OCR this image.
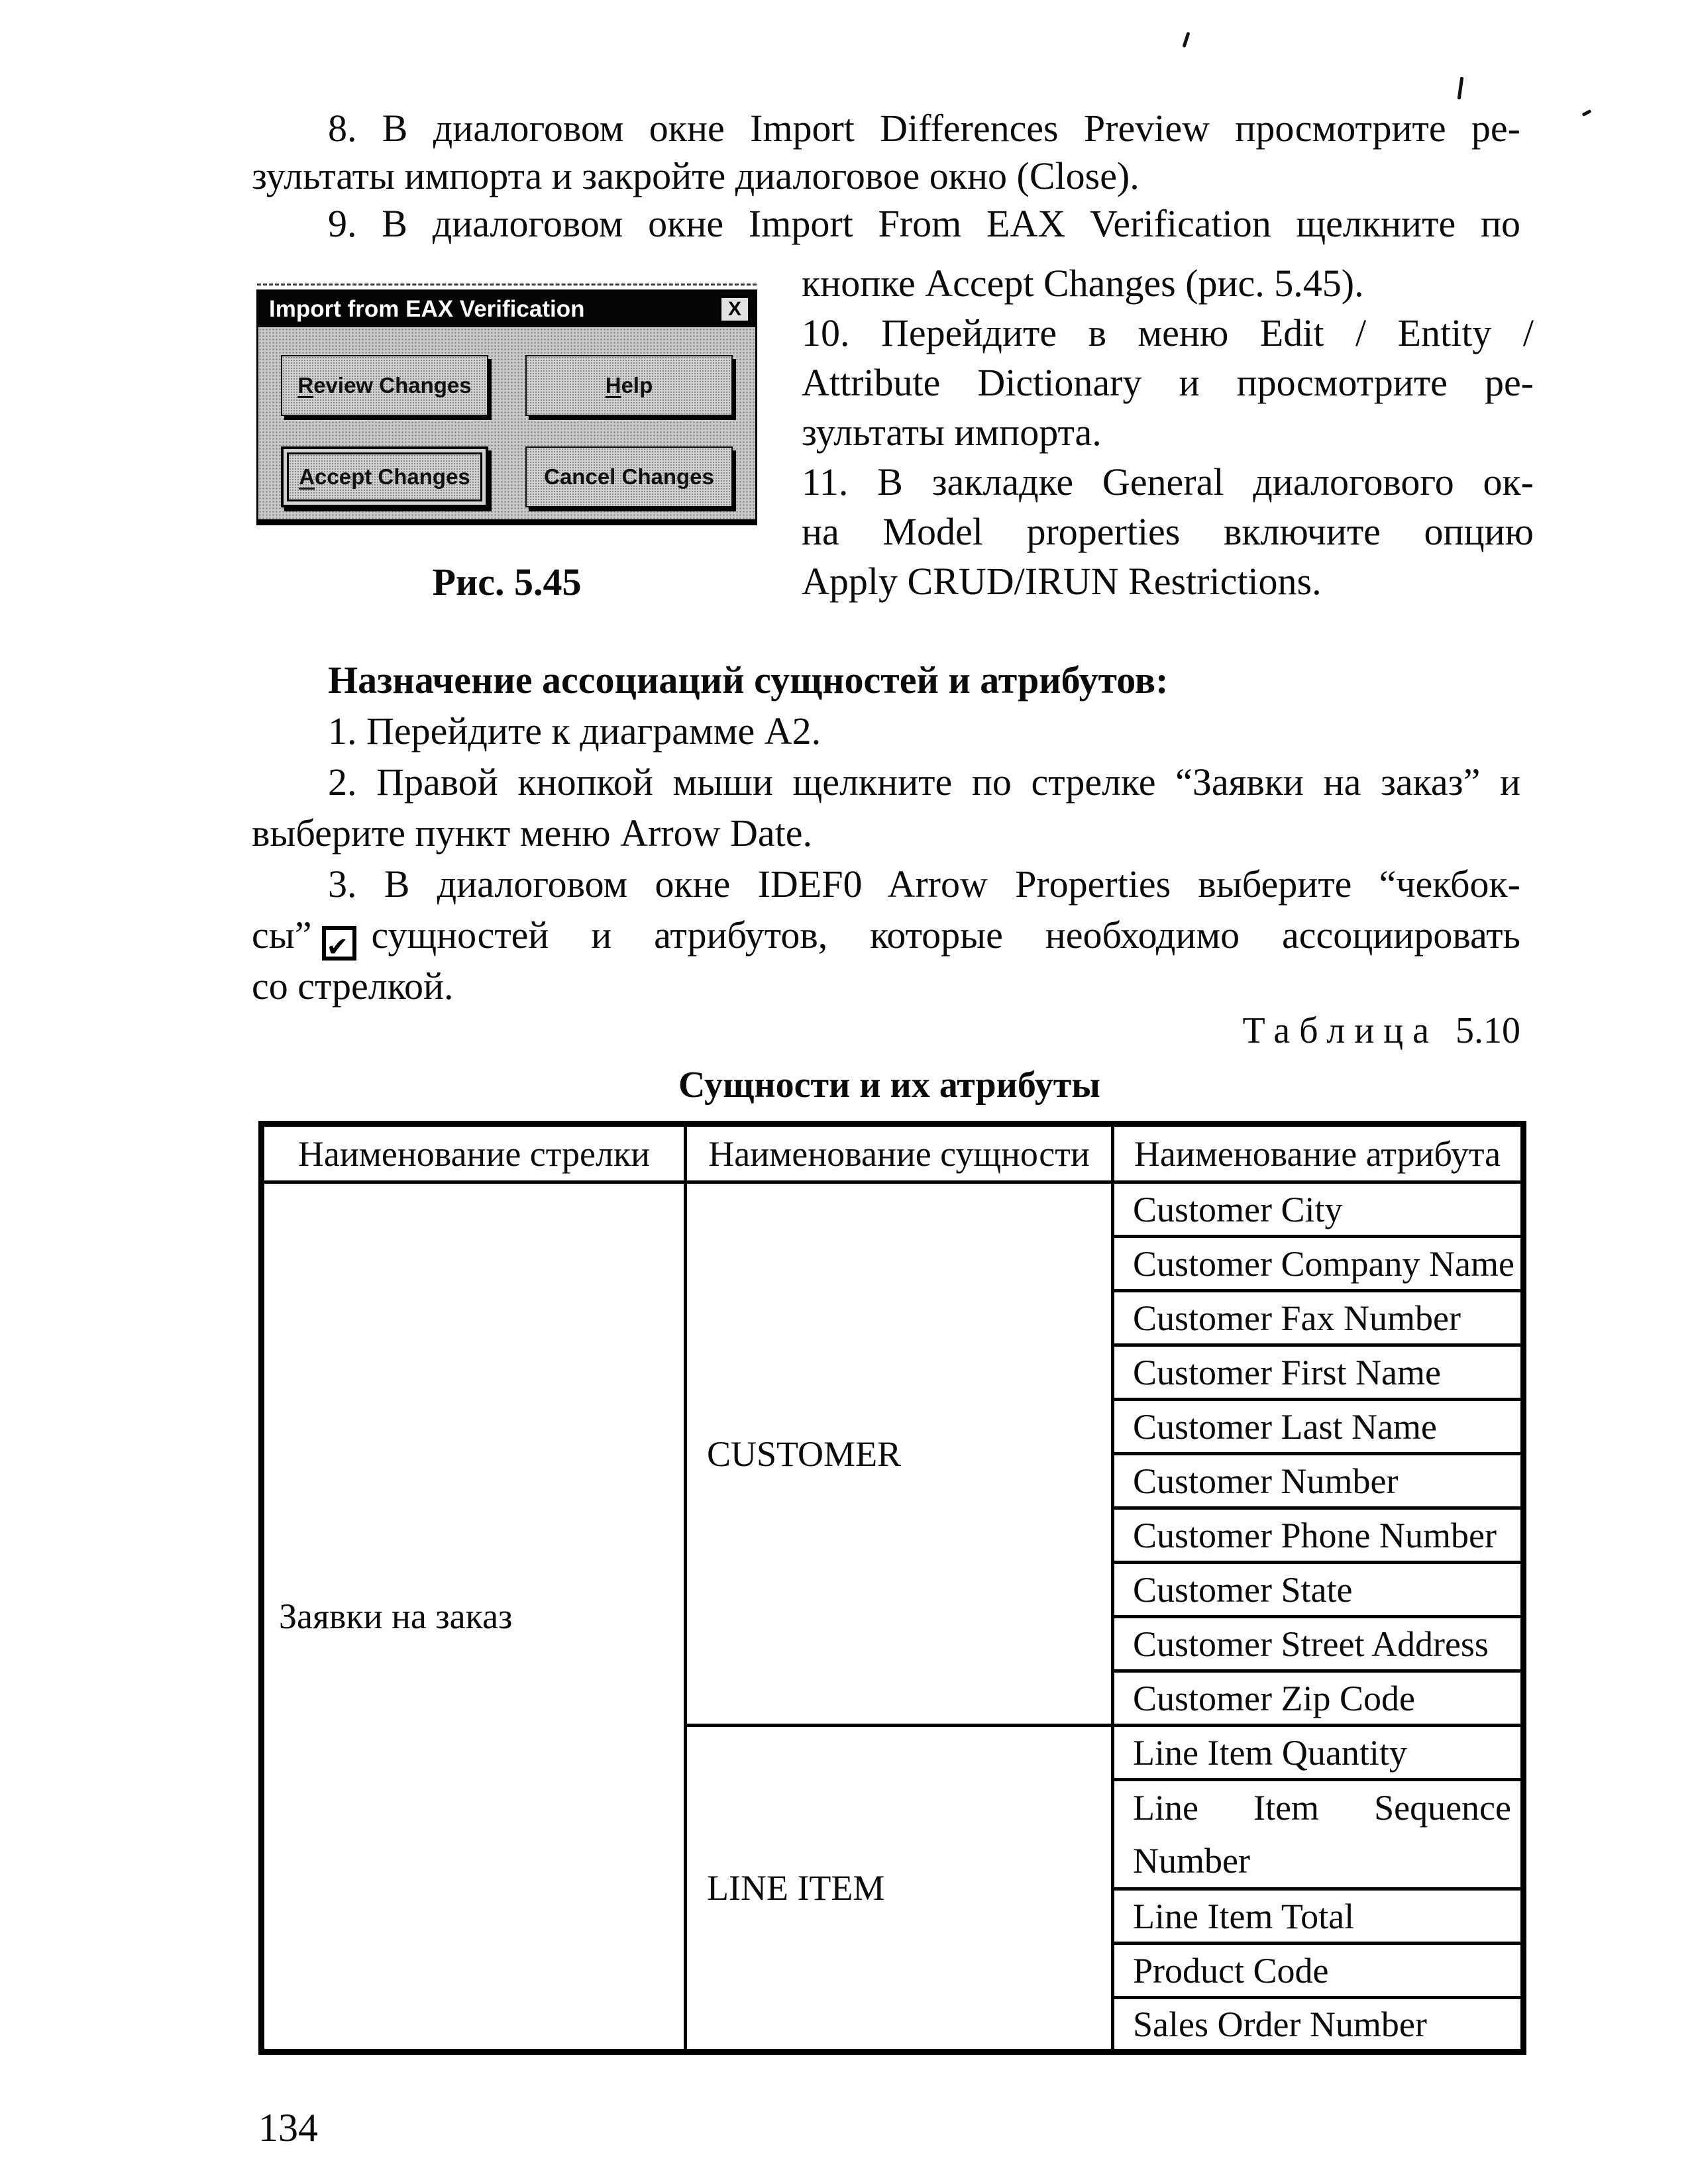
8. В диалоговом окне Import Differences Preview просмотрите ре-
зультаты импорта и закройте диалоговое окно (Close).
9. В диалоговом окне Import From EAX Verification щелкните по
Import from EAX Verification	X
Review Changes	Help
Accept Changes	Cancel Changes
Рис. 5.45
кнопке Accept Changes (рис. 5.45).
10. Перейдите в меню Edit / Entity /
Attribute Dictionary и просмотрите ре-
зультаты импорта.
11. В закладке General диалогового ок-
на Model properties включите опцию
Apply CRUD/IRUN Restrictions.
Назначение ассоциаций сущностей и атрибутов:
1. Перейдите к диаграмме А2.
2. Правой кнопкой мыши щелкните по стрелке “Заявки на заказ” и
выберите пункт меню Arrow Date.
3. В диалоговом окне IDEF0 Arrow Properties выберите “чекбок-
сы” ✔ сущностей и атрибутов, которые необходимо ассоциировать
со стрелкой.
Таблица 5.10
Сущности и их атрибуты
Наименование стрелки	Наименование сущности	Наименование атрибута
Заявки на заказ	CUSTOMER	Customer City
		Customer Company Name
		Customer Fax Number
		Customer First Name
		Customer Last Name
		Customer Number
		Customer Phone Number
		Customer State
		Customer Street Address
		Customer Zip Code
	LINE ITEM	Line Item Quantity
		Line Item Sequence Number
		Line Item Total
		Product Code
		Sales Order Number
134
